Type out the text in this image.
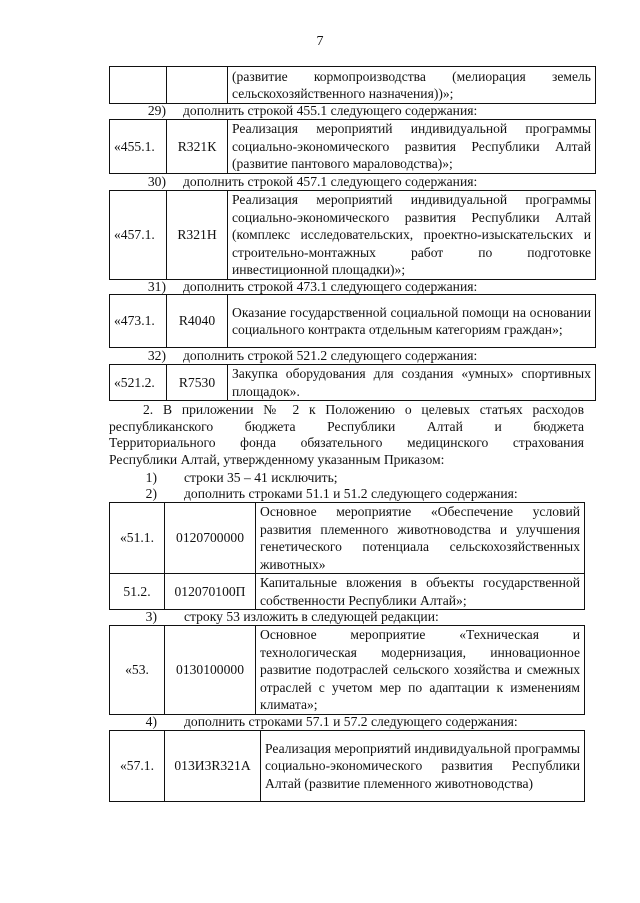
7
		(развитие кормопроизводства (мелиорация земель сельскохозяйственного назначения))»;
29) дополнить строкой 455.1 следующего содержания:
«455.1.	R321К	Реализация мероприятий индивидуальной программы социально-экономического развития Республики Алтай (развитие пантового мараловодства)»;
30) дополнить строкой 457.1 следующего содержания:
«457.1.	R321Н	Реализация мероприятий индивидуальной программы социально-экономического развития Республики Алтай (комплекс исследовательских, проектно-изыскательских и строительно-монтажных работ по подготовке инвестиционной площадки)»;
31) дополнить строкой 473.1 следующего содержания:
«473.1.	R4040	Оказание государственной социальной помощи на основании социального контракта отдельным категориям граждан»;
32) дополнить строкой 521.2 следующего содержания:
«521.2.	R7530	Закупка оборудования для создания «умных» спортивных площадок».
2. В приложении № 2 к Положению о целевых статьях расходов
республиканского бюджета Республики Алтай и бюджета
Территориального фонда обязательного медицинского страхования
Республики Алтай, утвержденному указанным Приказом:
1) строки 35 – 41 исключить;
2) дополнить строками 51.1 и 51.2 следующего содержания:
«51.1.	0120700000	Основное мероприятие «Обеспечение условий развития племенного животноводства и улучшения генетического потенциала сельскохозяйственных животных»
51.2.	012070100П	Капитальные вложения в объекты государственной собственности Республики Алтай»;
3) строку 53 изложить в следующей редакции:
«53.	0130100000	Основное мероприятие «Техническая и технологическая модернизация, инновационное развитие подотраслей сельского хозяйства и смежных отраслей с учетом мер по адаптации к изменениям климата»;
4) дополнить строками 57.1 и 57.2 следующего содержания:
«57.1.	013И3R321А	Реализация мероприятий индивидуальной программы социально-экономического развития Республики Алтай (развитие племенного животноводства)
